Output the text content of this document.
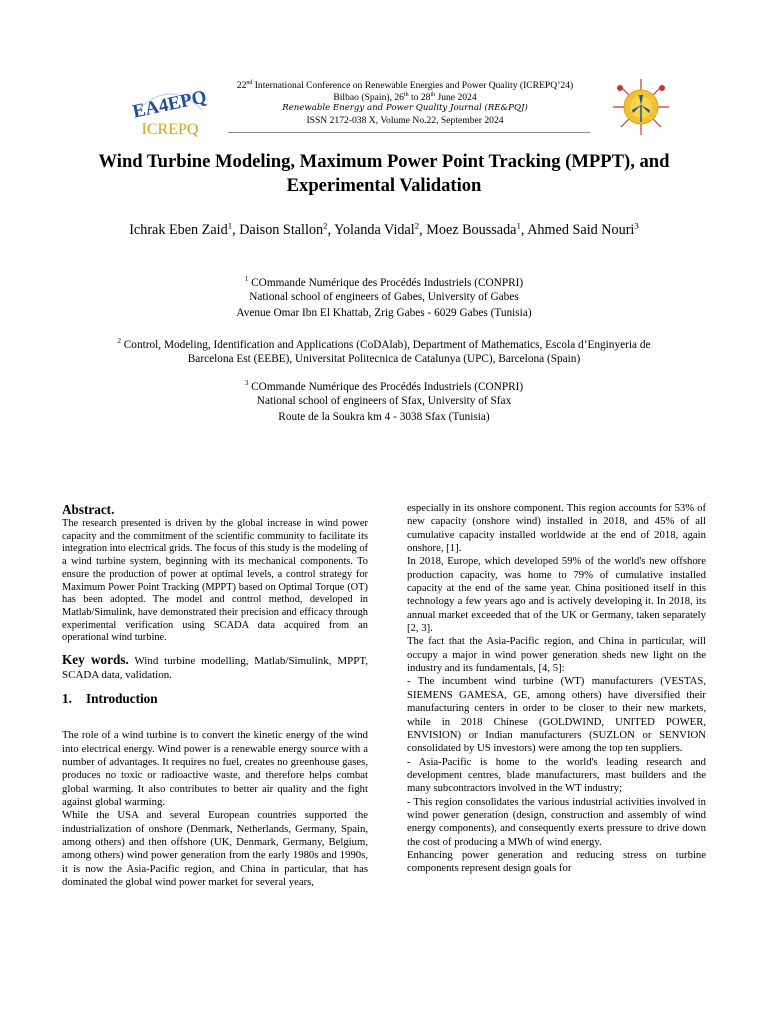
EA4EPQ
ICREPQ
22nd International Conference on Renewable Energies and Power Quality (ICREPQ’24)
Bilbao (Spain), 26th to 28th June 2024
Renewable Energy and Power Quality Journal (RE&PQJ)
ISSN 2172-038 X, Volume No.22, September 2024
Wind Turbine Modeling, Maximum Power Point Tracking (MPPT), and Experimental Validation
Ichrak Eben Zaid$^1$, Daison Stallon$^2$, Yolanda Vidal$^2$, Moez Boussada$^1$, Ahmed Said Nouri$^3$
$^1$ COmmande Numérique des Procédés Industriels (CONPRI)
National school of engineers of Gabes, University of Gabes
Avenue Omar Ibn El Khattab, Zrig Gabes - 6029 Gabes (Tunisia)
$^2$ Control, Modeling, Identification and Applications (CoDAlab), Department of Mathematics, Escola d’Enginyeria de
Barcelona Est (EEBE), Universitat Politecnica de Catalunya (UPC), Barcelona (Spain)
$^3$ COmmande Numérique des Procédés Industriels (CONPRI)
National school of engineers of Sfax, University of Sfax
Route de la Soukra km 4 - 3038 Sfax (Tunisia)
Abstract.

The research presented is driven by the global increase in wind power capacity and the commitment of the scientific community to facilitate its integration into electrical grids. The focus of this study is the modeling of a wind turbine system, beginning with its mechanical components. To ensure the production of power at optimal levels, a control strategy for Maximum Power Point Tracking (MPPT) based on Optimal Torque (OT) has been adopted. The model and control method, developed in Matlab/Simulink, have demonstrated their precision and efficacy through experimental verification using SCADA data acquired from an operational wind turbine.

Key words. Wind turbine modelling, Matlab/Simulink, MPPT, SCADA data, validation.

1. Introduction

The role of a wind turbine is to convert the kinetic energy of the wind into electrical energy. Wind power is a renewable energy source with a number of advantages. It requires no fuel, creates no greenhouse gases, produces no toxic or radioactive waste, and therefore helps combat global warming. It also contributes to better air quality and the fight against global warming.

While the USA and several European countries supported the industrialization of onshore (Denmark, Netherlands, Germany, Spain, among others) and then offshore (UK, Denmark, Germany, Belgium, among others) wind power generation from the early 1980s and 1990s, it is now the Asia-Pacific region, and China in particular, that has dominated the global wind power market for several years,

especially in its onshore component. This region accounts for 53% of new capacity (onshore wind) installed in 2018, and 45% of all cumulative capacity installed worldwide at the end of 2018, again onshore, [1].

In 2018, Europe, which developed 59% of the world's new offshore production capacity, was home to 79% of cumulative installed capacity at the end of the same year. China positioned itself in this technology a few years ago and is actively developing it. In 2018, its annual market exceeded that of the UK or Germany, taken separately [2, 3].

The fact that the Asia-Pacific region, and China in particular, will occupy a major in wind power generation sheds new light on the industry and its fundamentals, [4, 5]:

- The incumbent wind turbine (WT) manufacturers (VESTAS, SIEMENS GAMESA, GE, among others) have diversified their manufacturing centers in order to be closer to their new markets, while in 2018 Chinese (GOLDWIND, UNITED POWER, ENVISION) or Indian manufacturers (SUZLON or SENVION consolidated by US investors) were among the top ten suppliers.

- Asia-Pacific is home to the world's leading research and development centres, blade manufacturers, mast builders and the many subcontractors involved in the WT industry;

- This region consolidates the various industrial activities involved in wind power generation (design, construction and assembly of wind energy components), and consequently exerts pressure to drive down the cost of producing a MWh of wind energy.

Enhancing power generation and reducing stress on turbine components represent design goals for
